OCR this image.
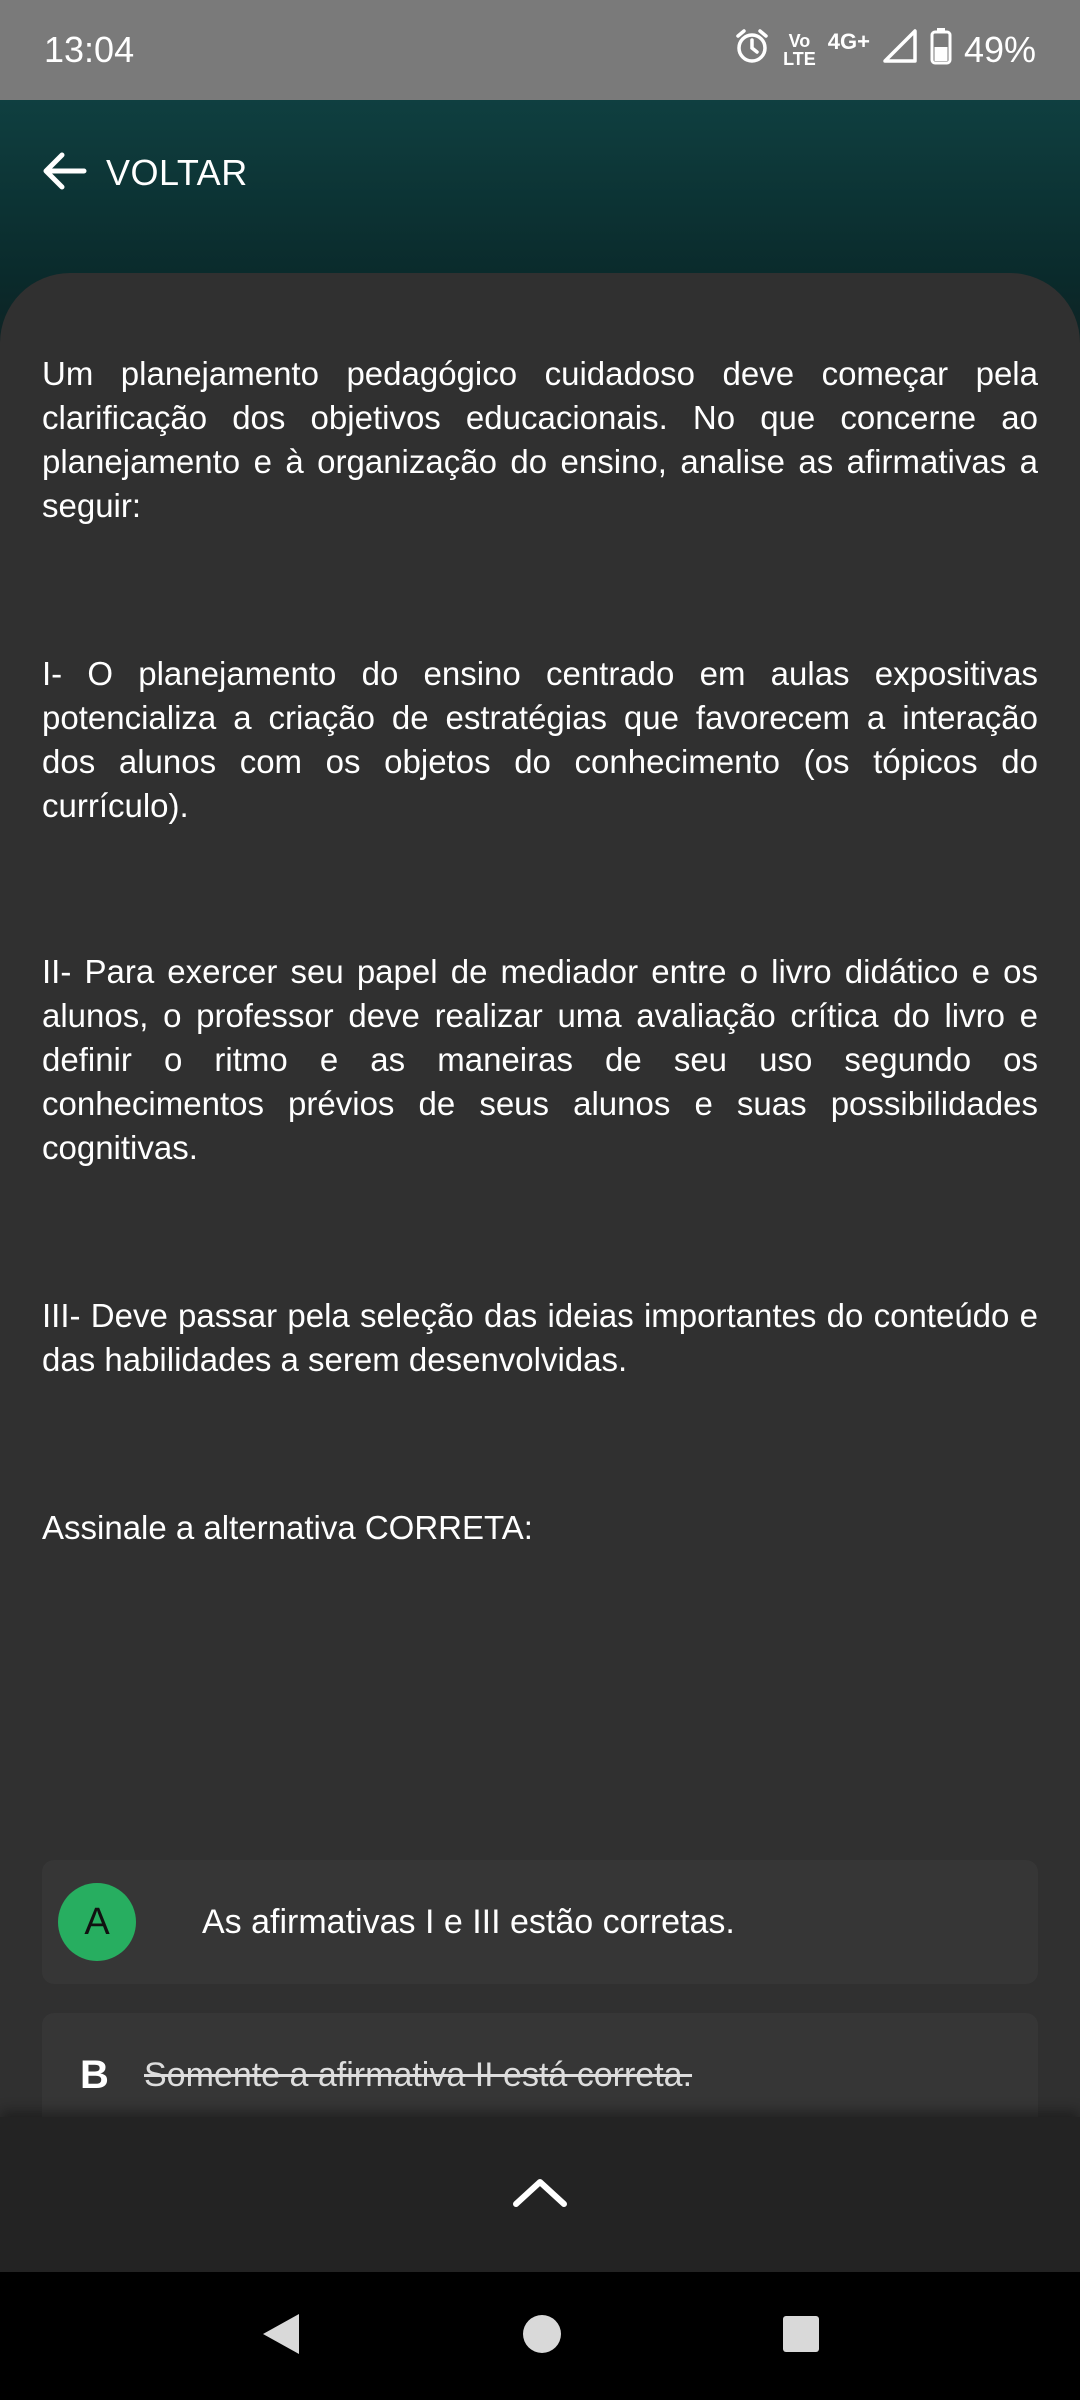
13:04	Vo
LTE
4G+	49%
VOLTAR

Um planejamento pedagógico cuidadoso deve começar pela clarificação dos objetivos educacionais. No que concerne ao planejamento e à organização do ensino, analise as afirmativas a seguir:

I- O planejamento do ensino centrado em aulas expositivas potencializa a criação de estratégias que favorecem a interação dos alunos com os objetos do conhecimento (os tópicos do currículo).

II- Para exercer seu papel de mediador entre o livro didático e os alunos, o professor deve realizar uma avaliação crítica do livro e definir o ritmo e as maneiras de seu uso segundo os conhecimentos prévios de seus alunos e suas possibilidades cognitivas.

III- Deve passar pela seleção das ideias importantes do conteúdo e das habilidades a serem desenvolvidas.

Assinale a alternativa CORRETA:

A	As afirmativas I e III estão corretas.
B	Somente a afirmativa II está correta.
